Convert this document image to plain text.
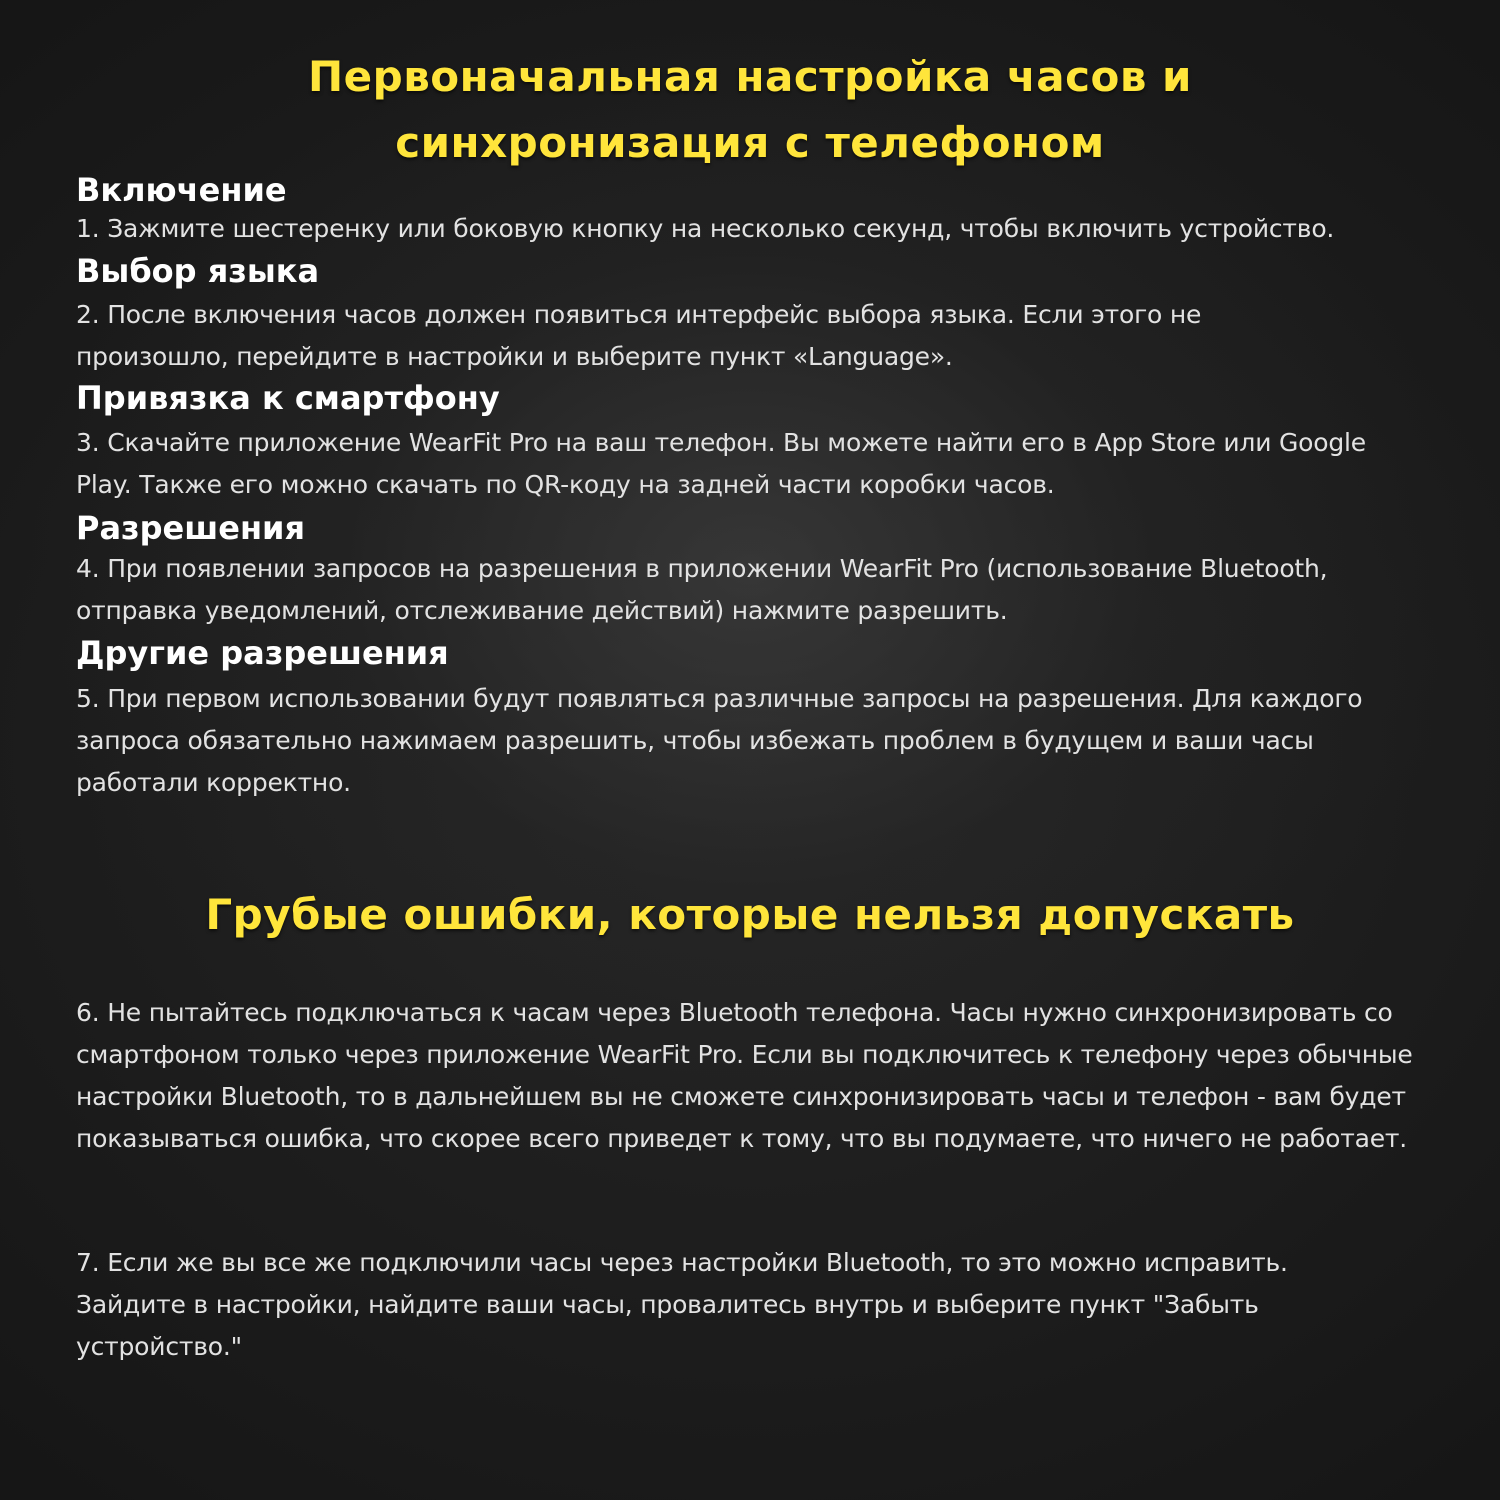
Первоначальная настройка часов и
синхронизация с телефоном
Включение

1. Зажмите шестеренку или боковую кнопку на несколько секунд, чтобы включить устройство.

Выбор языка

2. После включения часов должен появиться интерфейс выбора языка. Если этого не произошло, перейдите в настройки и выберите пункт «Language».

Привязка к смартфону

3. Скачайте приложение WearFit Pro на ваш телефон. Вы можете найти его в App Store или Google Play. Также его можно скачать по QR-коду на задней части коробки часов.

Разрешения

4. При появлении запросов на разрешения в приложении WearFit Pro (использование Bluetooth, отправка уведомлений, отслеживание действий) нажмите разрешить.

Другие разрешения

5. При первом использовании будут появляться различные запросы на разрешения. Для каждого запроса обязательно нажимаем разрешить, чтобы избежать проблем в будущем и ваши часы работали корректно.

Грубые ошибки, которые нельзя допускать

6. Не пытайтесь подключаться к часам через Bluetooth телефона. Часы нужно синхронизировать со смартфоном только через приложение WearFit Pro. Если вы подключитесь к телефону через обычные настройки Bluetooth, то в дальнейшем вы не сможете синхронизировать часы и телефон - вам будет показываться ошибка, что скорее всего приведет к тому, что вы подумаете, что ничего не работает.

7. Если же вы все же подключили часы через настройки Bluetooth, то это можно исправить. Зайдите в настройки, найдите ваши часы, провалитесь внутрь и выберите пункт "Забыть устройство."
